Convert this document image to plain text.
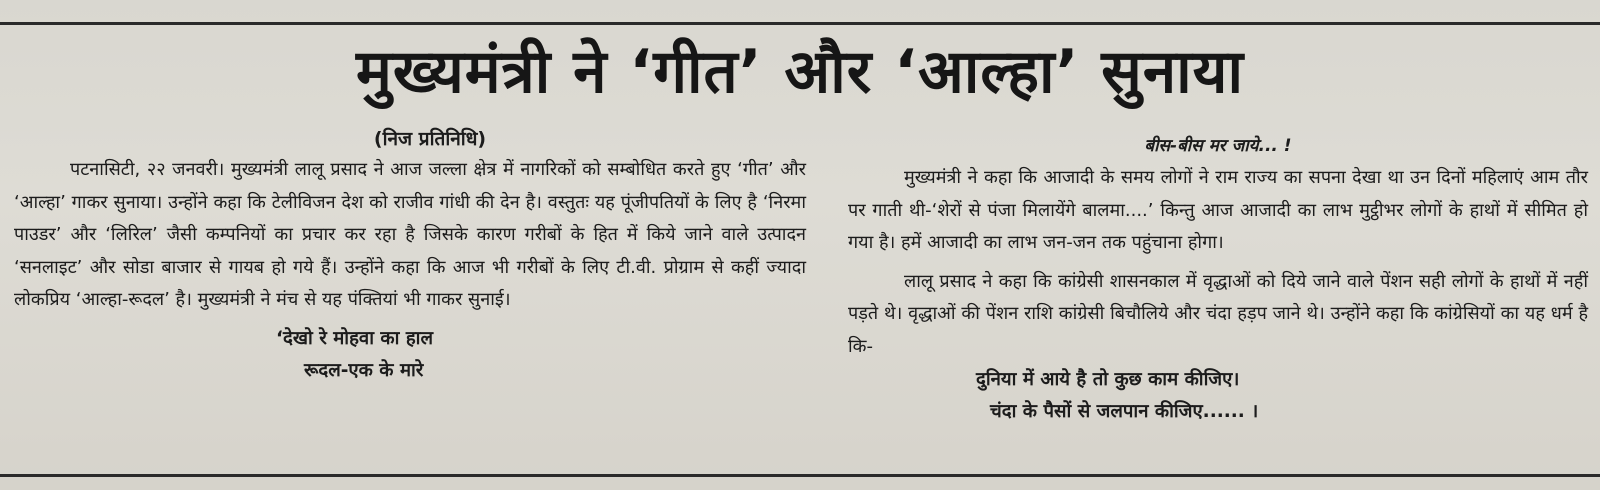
मुख्यमंत्री ने ‘गीत’ और ‘आल्हा’ सुनाया
(निज प्रतिनिधि)

पटनासिटी, २२ जनवरी। मुख्यमंत्री लालू प्रसाद ने आज जल्ला क्षेत्र में नागरिकों को सम्बोधित करते हुए ‘गीत’ और ‘आल्हा’ गाकर सुनाया। उन्होंने कहा कि टेलीविजन देश को राजीव गांधी की देन है। वस्तुतः यह पूंजीपतियों के लिए है ‘निरमा पाउडर’ और ‘लिरिल’ जैसी कम्पनियों का प्रचार कर रहा है जिसके कारण गरीबों के हित में किये जाने वाले उत्पादन ‘सनलाइट’ और सोडा बाजार से गायब हो गये हैं। उन्होंने कहा कि आज भी गरीबों के लिए टी.वी. प्रोग्राम से कहीं ज्यादा लोकप्रिय ‘आल्हा-रूदल’ है। मुख्यमंत्री ने मंच से यह पंक्तियां भी गाकर सुनाई।

‘देखो रे मोहवा का हाल
रूदल-एक के मारे
बीस-बीस मर जाये... !

मुख्यमंत्री ने कहा कि आजादी के समय लोगों ने राम राज्य का सपना देखा था उन दिनों महिलाएं आम तौर पर गाती थी-‘शेरों से पंजा मिलायेंगे बालमा....’ किन्तु आज आजादी का लाभ मुट्ठीभर लोगों के हाथों में सीमित हो गया है। हमें आजादी का लाभ जन-जन तक पहुंचाना होगा।

लालू प्रसाद ने कहा कि कांग्रेसी शासनकाल में वृद्धाओं को दिये जाने वाले पेंशन सही लोगों के हाथों में नहीं पड़ते थे। वृद्धाओं की पेंशन राशि कांग्रेसी बिचौलिये और चंदा हड़प जाने थे। उन्होंने कहा कि कांग्रेसियों का यह धर्म है कि-

दुनिया में आये है तो कुछ काम कीजिए।
चंदा के पैसों से जलपान कीजिए...... ।
